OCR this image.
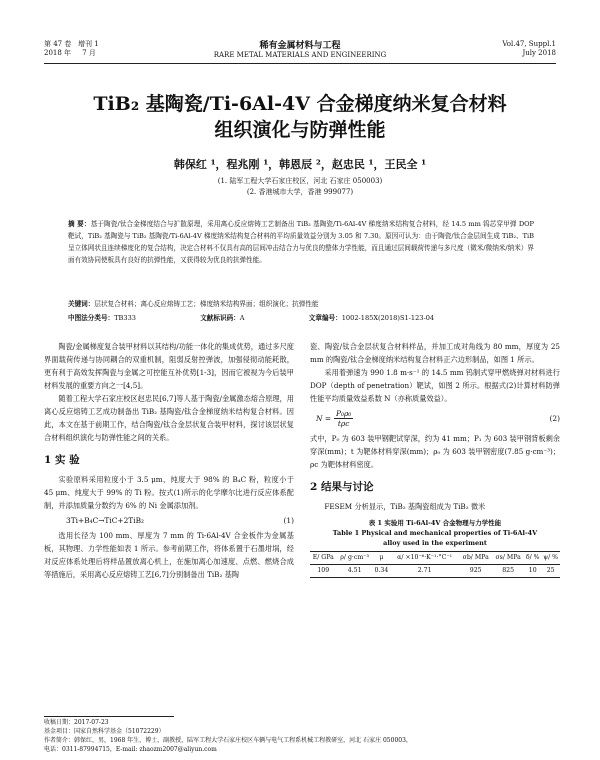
第 47 卷 增刊 1
2018 年 7 月
稀有金属材料与工程
RARE METAL MATERIALS AND ENGINEERING
Vol.47, Suppl.1
July 2018
TiB₂ 基陶瓷/Ti-6Al-4V 合金梯度纳米复合材料
组织演化与防弹性能
韩保红 ¹，程兆刚 ¹，韩恩辰 ²，赵忠民 ¹，王民全 ¹
(1. 陆军工程大学石家庄校区，河北 石家庄 050003)
(2. 香港城市大学，香港 999077)
摘 要：基于陶瓷/钛合金梯度结合与扩散原理，采用离心反应熔铸工艺制备出 TiB₂ 基陶瓷/Ti-6Al-4V 梯度纳米结构复合材料，经 14.5 mm 钨芯穿甲弹 DOP 靶试，TiB₂ 基陶瓷与 TiB₂ 基陶瓷/Ti-6Al-4V 梯度纳米结构复合材料的平均质量效益分别为 3.05 和 7.30。原因可认为：由于陶瓷/钛合金层间生成 TiB₂、TiB 呈立体网状且连续梯度化的复合结构，决定合材料不仅具有高的层间冲击结合力与优良的整体力学性能，而且通过层间载荷传递与多尺度（微米/微纳米/纳米）界面有效协同使板具有良好的抗弹性能，又获得较为优良的抗弹性能。
关键词：层状复合材料；离心反应熔铸工艺；梯度纳米结构界面；组织演化；抗弹性能
中图法分类号：TB333	文献标识码：A	文章编号：1002-185X(2018)S1-123-04
陶瓷/金属梯度复合装甲材料以其结构/功能一体化的集成优势，通过多尺度界面载荷传递与协同耦合的双重机制，阻弱反射控弹波，加强侵彻动能耗散，更有利于高效发挥陶瓷与金属之可控能互补优势[1-3]，因而它被视为今后装甲材料发展的重要方向之一[4,5]。
随着工程大学石家庄校区赵忠民[6,7]等人基于陶瓷/金属激态熔合原理，用离心反应熔铸工艺成功制备出 TiB₂ 基陶瓷/钛合金梯度纳米结构复合材料。因此，本文在基于前期工作，结合陶瓷/钛合金层状复合装甲材料，探讨该层状复合材料组织演化与防弹性能之间的关系。
1 实 验
实验原料采用粒度小于 3.5 μm、纯度大于 98% 的 B₄C 粉，粒度小于 45 μm、纯度大于 99% 的 Ti 粉。按式(1)所示的化学摩尔比进行反应体系配制，并添加质量分数约为 6% 的 Ni 金属添加剂。
3Ti+B₄C→TiC+2TiB₂	(1)
选用长径为 100 mm、厚度为 7 mm 的 Ti-6Al-4V 合金板作为金属基板，其物理、力学性能如表 1 所示。参考前期工作，将体系置于石墨坩埚，经对反应体系处理后将样品置放离心机上，在施加离心加速度、点燃、燃烧合成等措施后，采用离心反应熔铸工艺[6,7]分别制备出 TiB₂ 基陶
瓷、陶瓷/钛合金层状复合材料样品，并加工成对角线为 80 mm，厚度为 25 mm 的陶瓷/钛合金梯度纳米结构复合材料正六边形制品，如图 1 所示。
采用着弹速为 990 1.8 m·s⁻¹ 的 14.5 mm 钨制式穿甲燃烧弹对材料进行 DOP（depth of penetration）靶试，如图 2 所示。根据式(2)计算材料防弹性能平均质量效益系数 N（亦称质量效益）。
N =
P₀ρ₀
tρc
(2)
式中，P₀ 为 603 装甲钢靶试穿深，约为 41 mm；P₁ 为 603 装甲钢背板剩余穿深(mm)；t 为靶体材料穿深(mm)；ρ₀ 为 603 装甲钢密度(7.85 g·cm⁻³)；ρc 为靶体材料密度。
2 结果与讨论
FESEM 分析显示，TiB₂ 基陶瓷组成为 TiB₂ 微米
表 1 实验用 Ti-6Al-4V 合金物理与力学性能
Table 1 Physical and mechanical properties of Ti-6Al-4V
alloy used in the experiment
E/ GPa	ρ/ g·cm⁻³	μ	α/ ×10⁻⁶·K⁻¹·°C⁻¹	σb/ MPa	σs/ MPa	δ/ %	ψ/ %
109	4.51	0.34	2.71	925	825	10	25
收稿日期：2017-07-23
基金项目：国家自然科学基金（51072229）
作者简介：韩保红，男，1968 年生，博士，副教授，陆军工程大学石家庄校区车辆与电气工程系机械工程教研室，河北 石家庄 050003，
电话：0311-87994715，E-mail: zhaozm2007@aliyun.com
